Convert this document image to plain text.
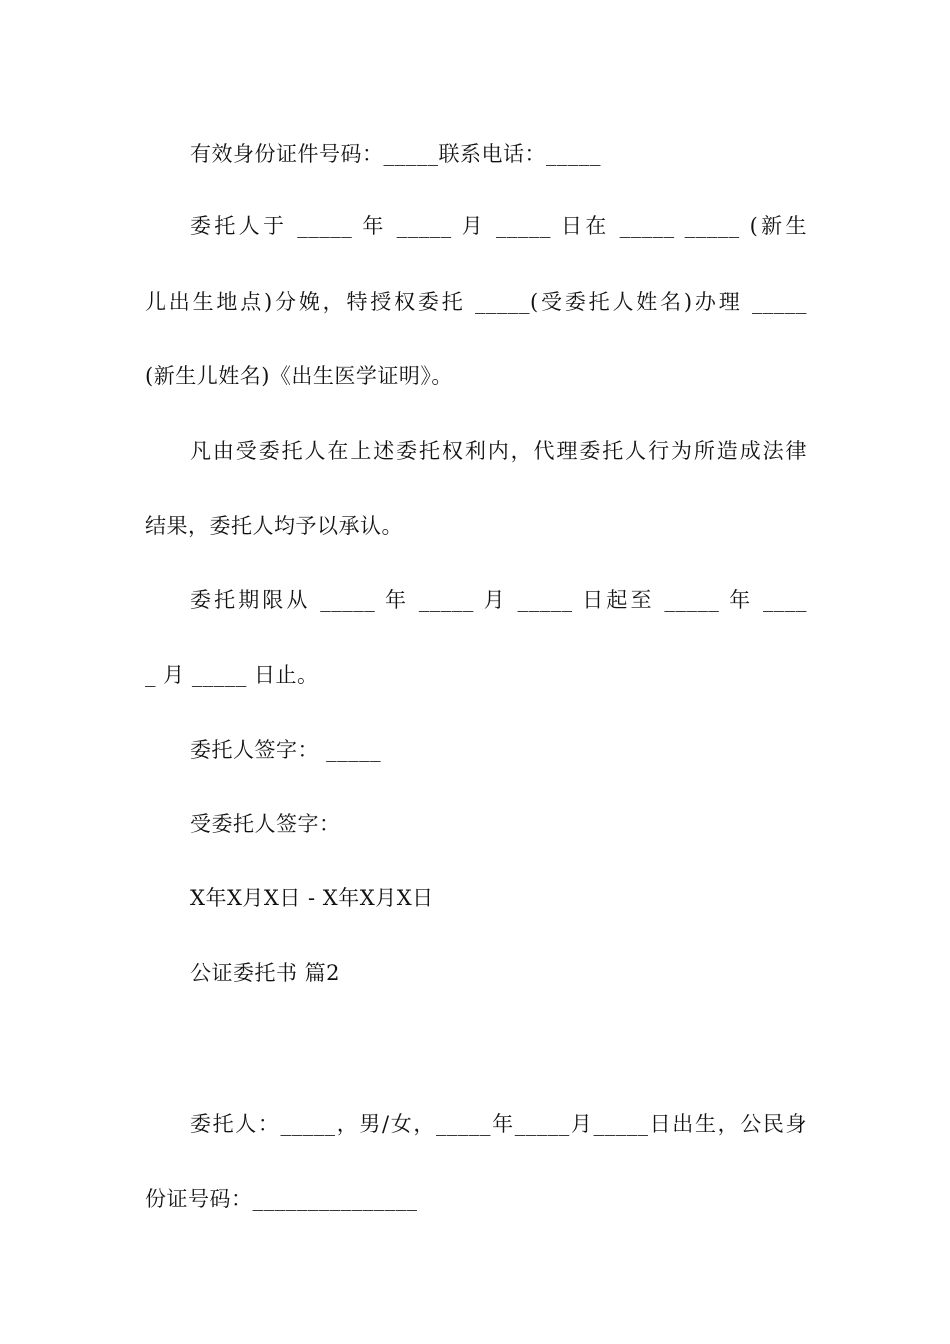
有效身份证件号码：_____联系电话：_____
委托人于 _____ 年 _____ 月 _____ 日在 _____ _____ (新生
儿出生地点)分娩，特授权委托 _____(受委托人姓名)办理 _____
(新生儿姓名)《出生医学证明》。
凡由受委托人在上述委托权利内，代理委托人行为所造成法律
结果，委托人均予以承认。
委托期限从 _____ 年 _____ 月 _____ 日起至 _____ 年 ____
_ 月 _____ 日止。
委托人签字： _____
受委托人签字：
X年X月X日 - X年X月X日
公证委托书 篇2
委托人：_____，男/女，_____年_____月_____日出生，公民身
份证号码：_______________
